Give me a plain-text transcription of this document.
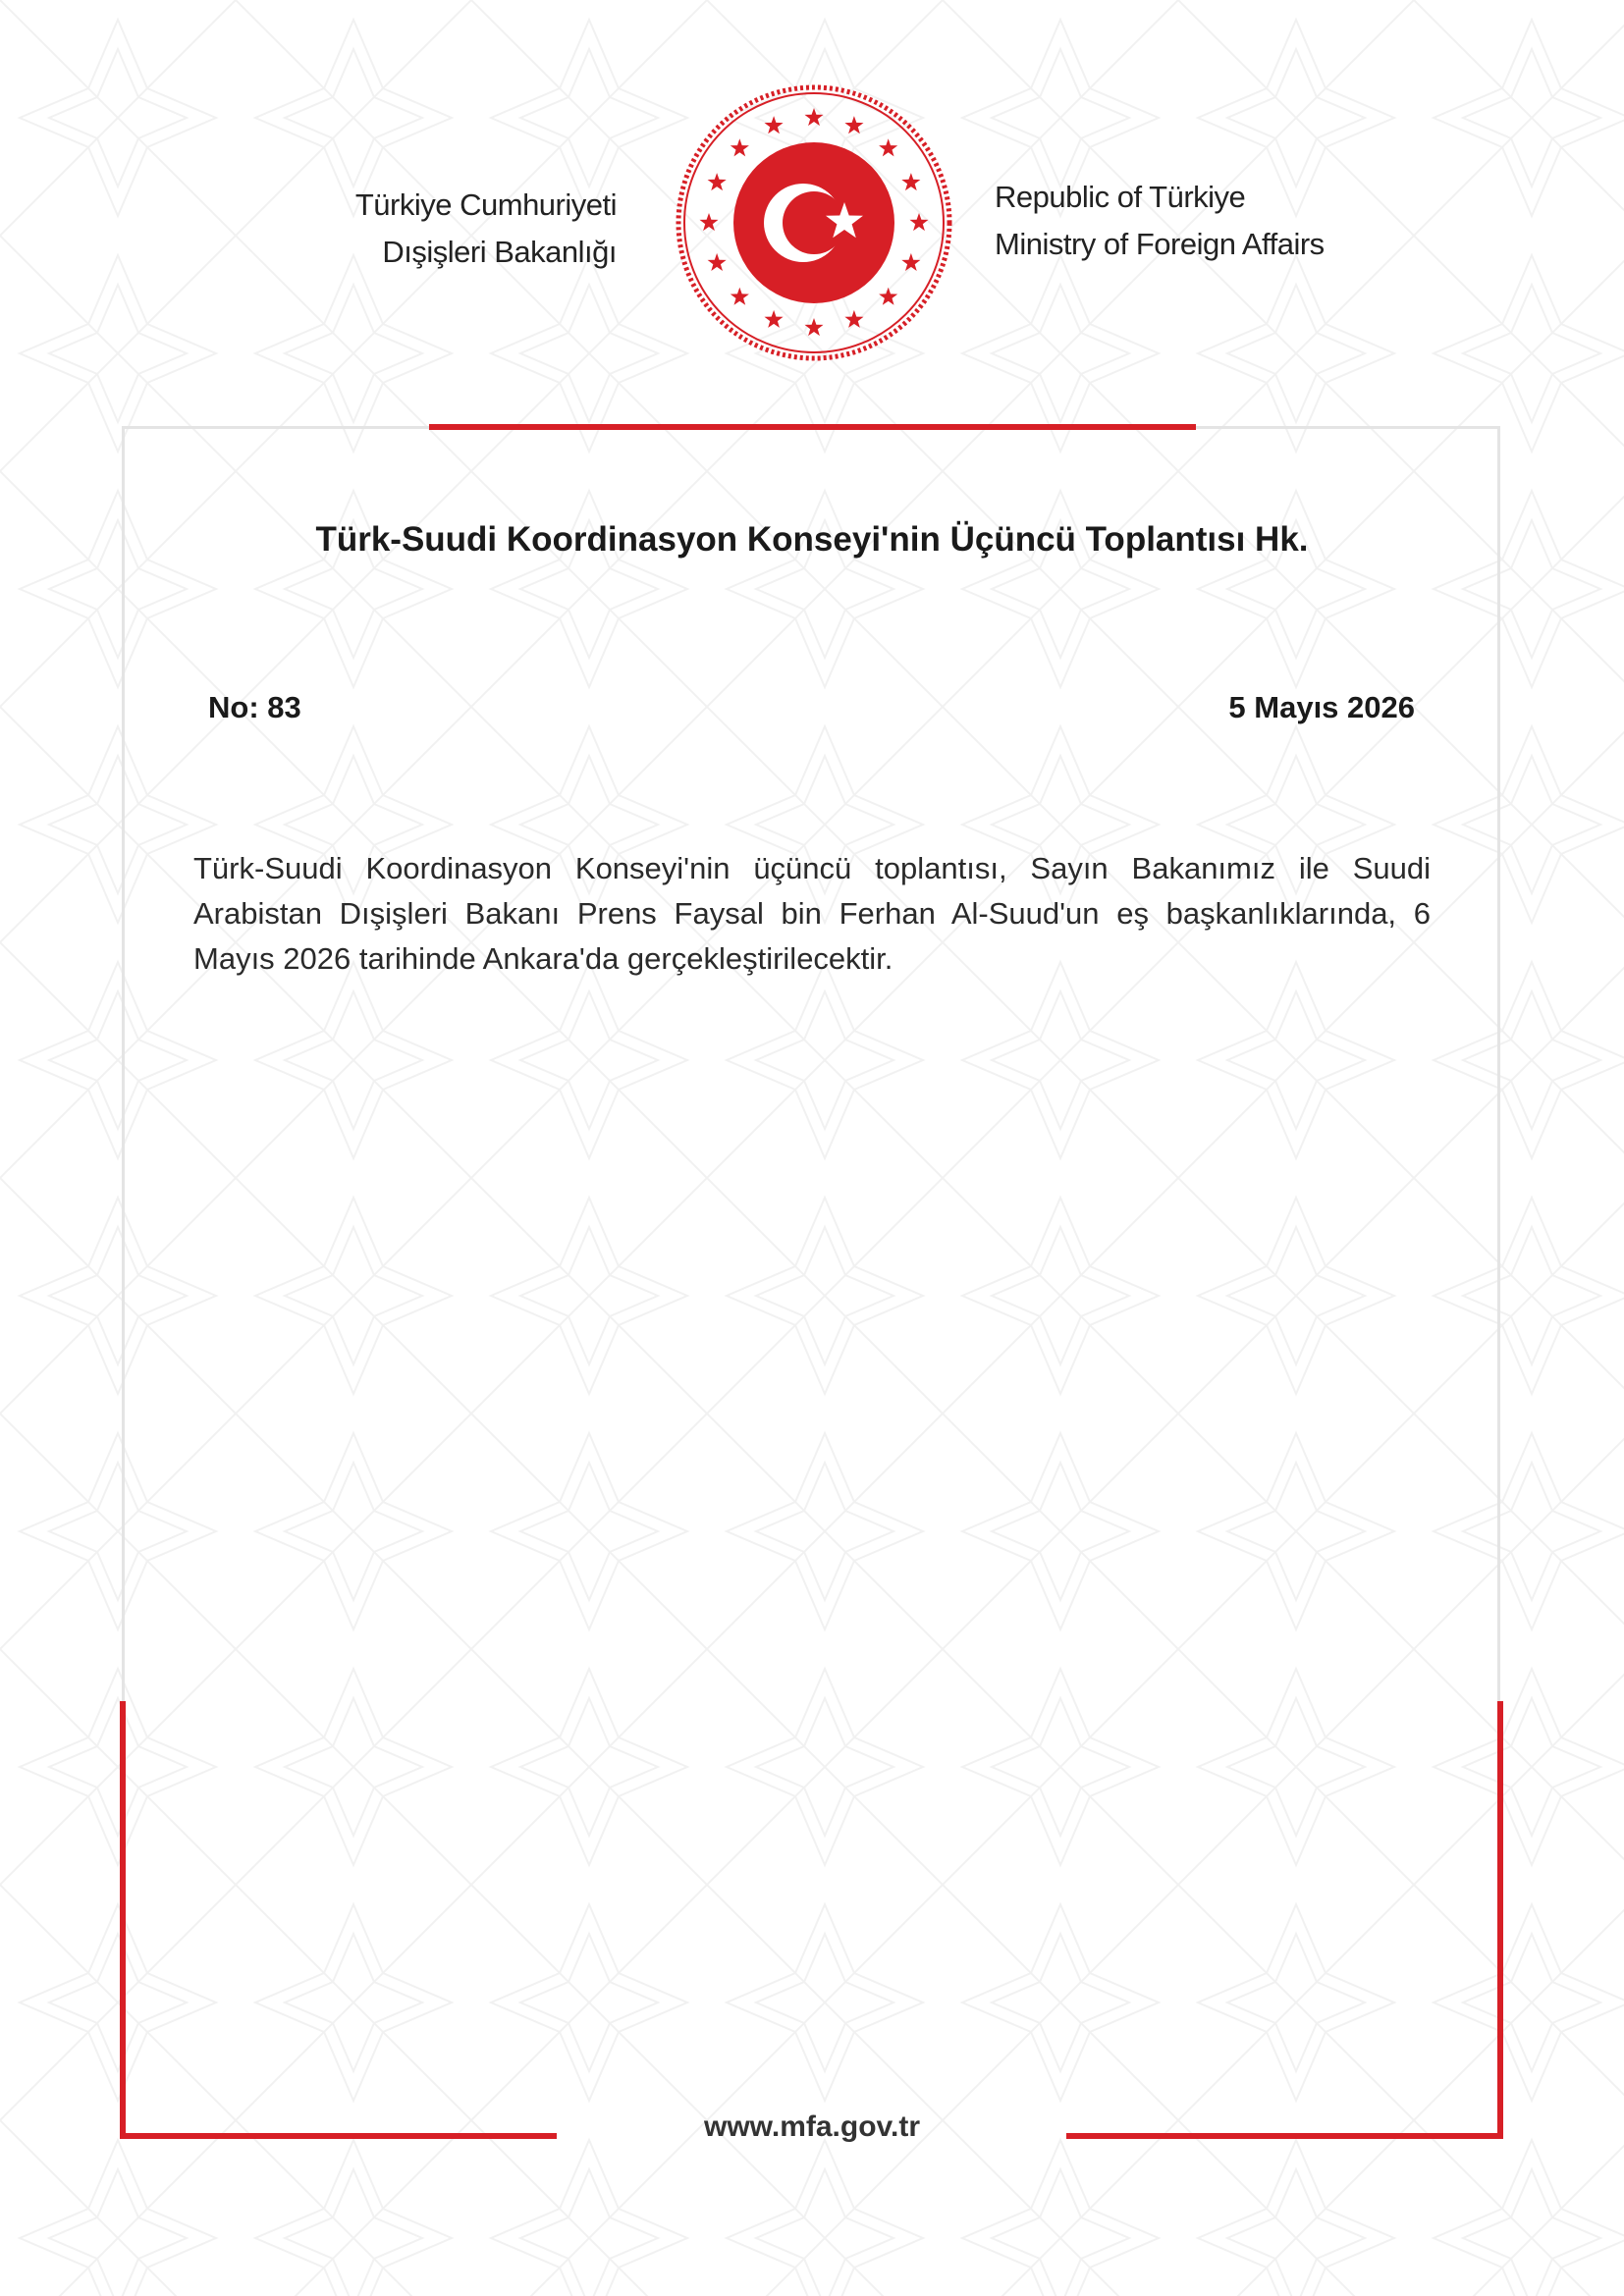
Türkiye Cumhuriyeti
Dışişleri Bakanlığı
Republic of Türkiye
Ministry of Foreign Affairs
Türk-Suudi Koordinasyon Konseyi'nin Üçüncü Toplantısı Hk.
No: 83	5 Mayıs 2026
Türk-Suudi Koordinasyon Konseyi'nin üçüncü toplantısı, Sayın Bakanımız ile Suudi Arabistan Dışişleri Bakanı Prens Faysal bin Ferhan Al-Suud'un eş başkanlıklarında, 6 Mayıs 2026 tarihinde Ankara'da gerçekleştirilecektir.
www.mfa.gov.tr
